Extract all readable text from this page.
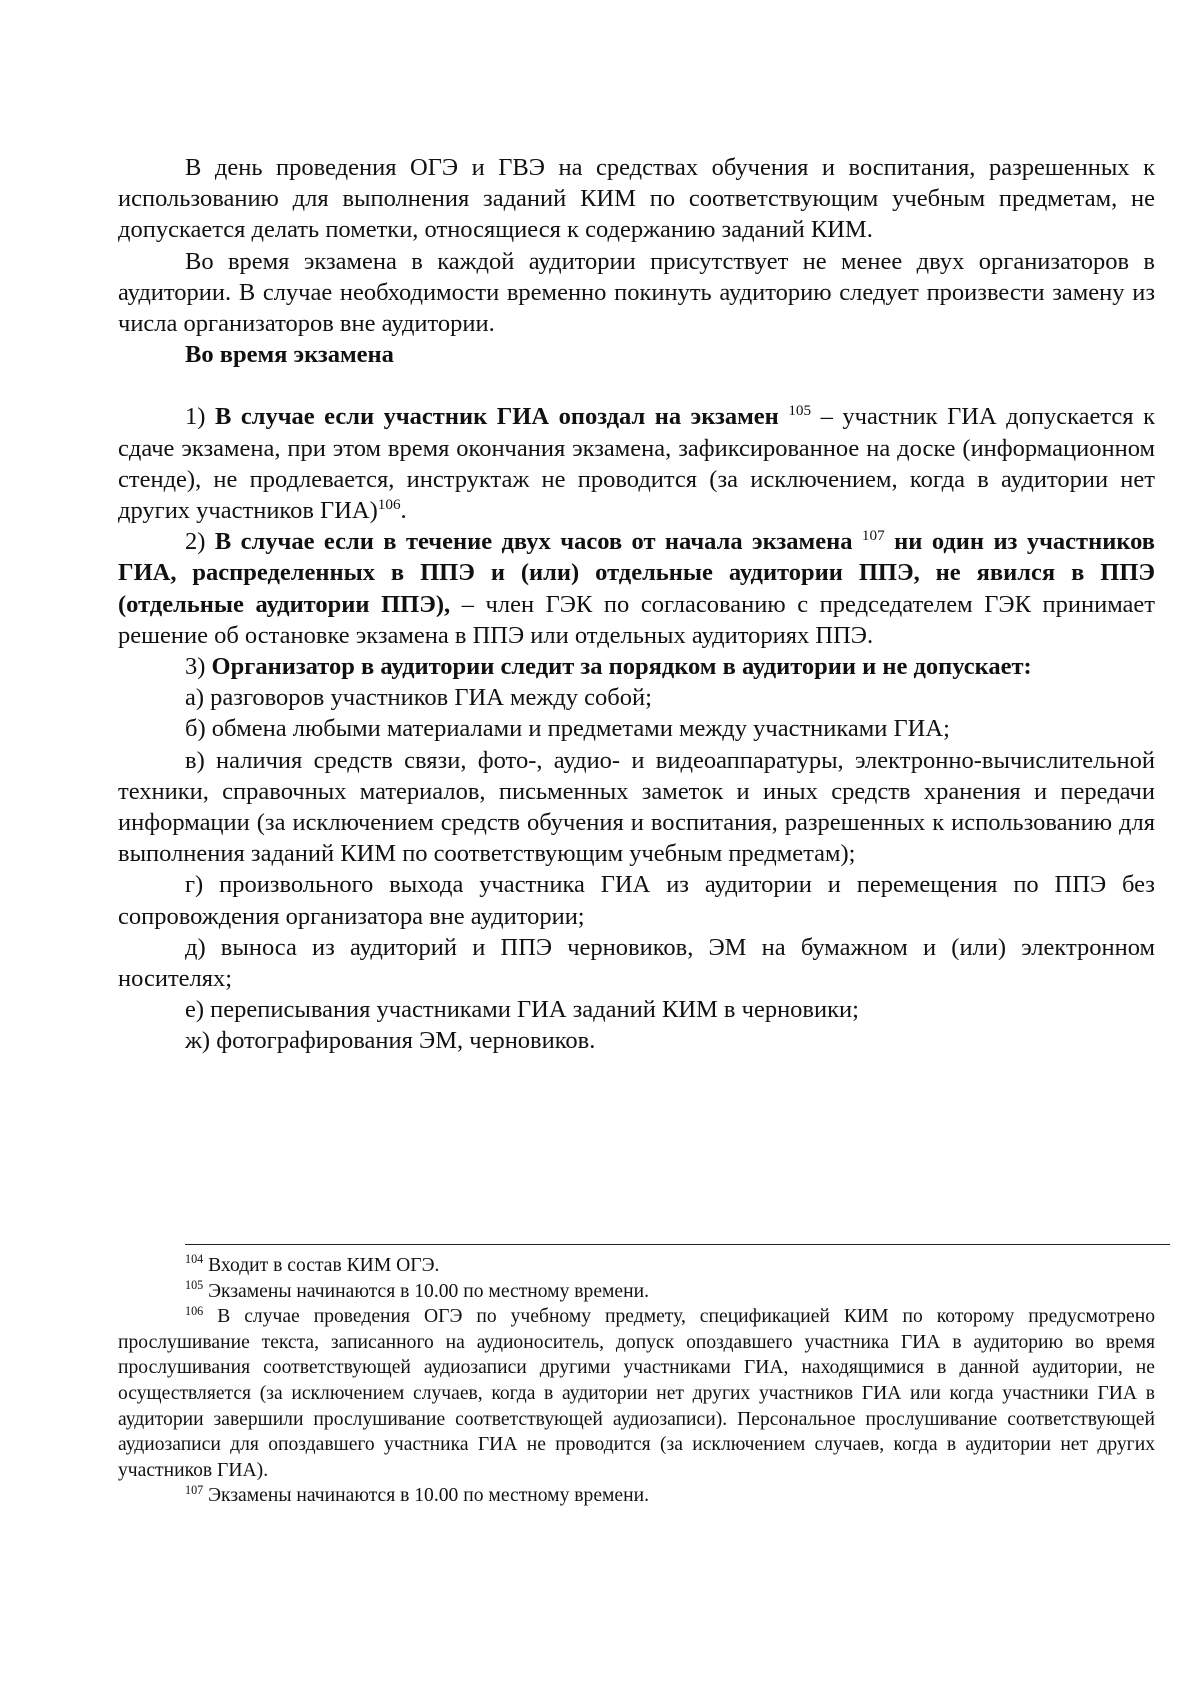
В день проведения ОГЭ и ГВЭ на средствах обучения и воспитания, разрешенных к использованию для выполнения заданий КИМ по соответствующим учебным предметам, не допускается делать пометки, относящиеся к содержанию заданий КИМ.

Во время экзамена в каждой аудитории присутствует не менее двух организаторов в аудитории. В случае необходимости временно покинуть аудиторию следует произвести замену из числа организаторов вне аудитории.

Во время экзамена

1) В случае если участник ГИА опоздал на экзамен $^{105}$ – участник ГИА допускается к сдаче экзамена, при этом время окончания экзамена, зафиксированное на доске (информационном стенде), не продлевается, инструктаж не проводится (за исключением, когда в аудитории нет других участников ГИА)$^{106}$.

2) В случае если в течение двух часов от начала экзамена $^{107}$ ни один из участников ГИА, распределенных в ППЭ и (или) отдельные аудитории ППЭ, не явился в ППЭ (отдельные аудитории ППЭ), – член ГЭК по согласованию с председателем ГЭК принимает решение об остановке экзамена в ППЭ или отдельных аудиториях ППЭ.

3) Организатор в аудитории следит за порядком в аудитории и не допускает:

а) разговоров участников ГИА между собой;

б) обмена любыми материалами и предметами между участниками ГИА;

в) наличия средств связи, фото-, аудио- и видеоаппаратуры, электронно-вычислительной техники, справочных материалов, письменных заметок и иных средств хранения и передачи информации (за исключением средств обучения и воспитания, разрешенных к использованию для выполнения заданий КИМ по соответствующим учебным предметам);

г) произвольного выхода участника ГИА из аудитории и перемещения по ППЭ без сопровождения организатора вне аудитории;

д) выноса из аудиторий и ППЭ черновиков, ЭМ на бумажном и (или) электронном носителях;

е) переписывания участниками ГИА заданий КИМ в черновики;

ж) фотографирования ЭМ, черновиков.

$^{104}$ Входит в состав КИМ ОГЭ.

$^{105}$ Экзамены начинаются в 10.00 по местному времени.

$^{106}$ В случае проведения ОГЭ по учебному предмету, спецификацией КИМ по которому предусмотрено прослушивание текста, записанного на аудионоситель, допуск опоздавшего участника ГИА в аудиторию во время прослушивания соответствующей аудиозаписи другими участниками ГИА, находящимися в данной аудитории, не осуществляется (за исключением случаев, когда в аудитории нет других участников ГИА или когда участники ГИА в аудитории завершили прослушивание соответствующей аудиозаписи). Персональное прослушивание соответствующей аудиозаписи для опоздавшего участника ГИА не проводится (за исключением случаев, когда в аудитории нет других участников ГИА).

$^{107}$ Экзамены начинаются в 10.00 по местному времени.
